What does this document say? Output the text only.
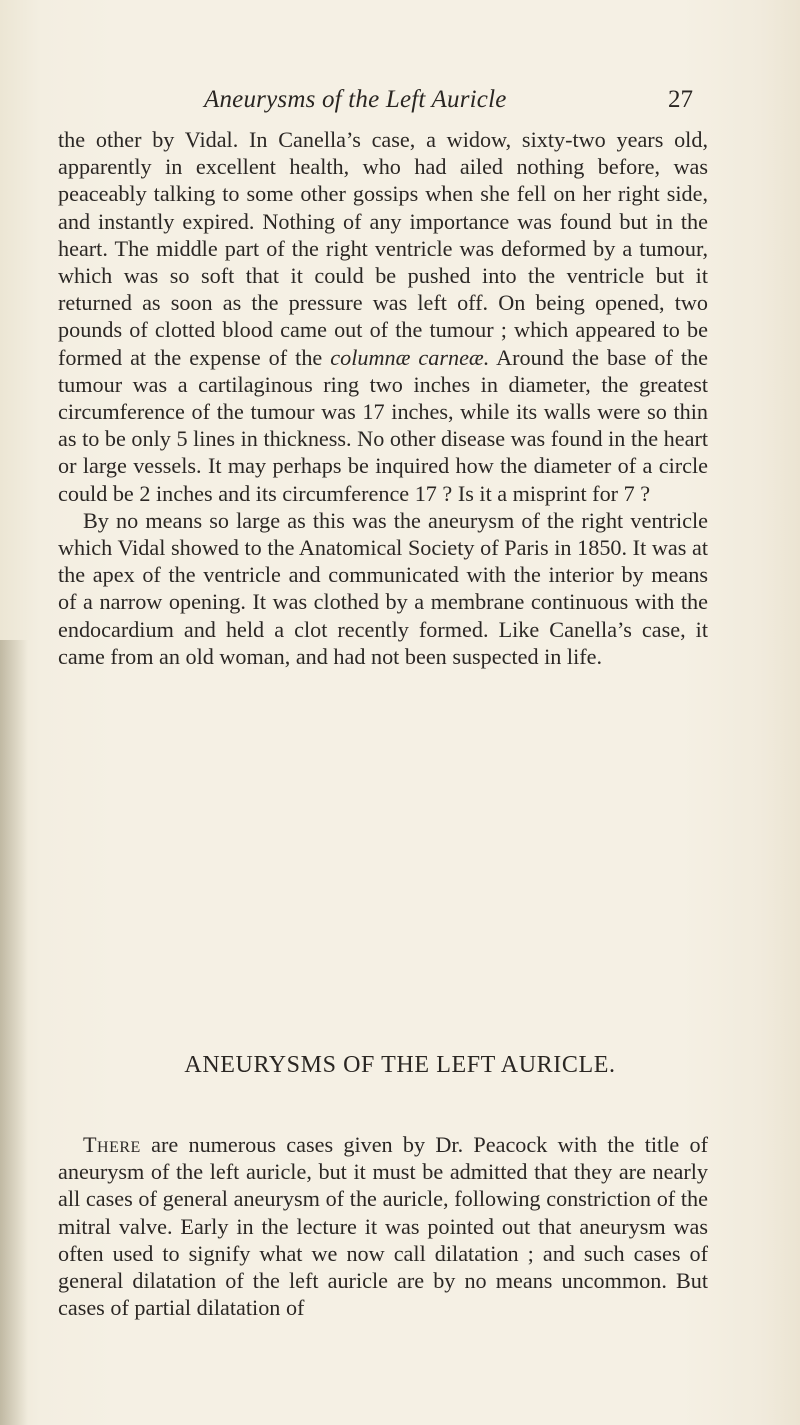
Aneurysms of the Left Auricle	27

the other by Vidal. In Canella’s case, a widow, sixty-two years old, apparently in excellent health, who had ailed nothing before, was peaceably talking to some other gossips when she fell on her right side, and instantly expired. Nothing of any importance was found but in the heart. The middle part of the right ventricle was deformed by a tumour, which was so soft that it could be pushed into the ventricle but it returned as soon as the pressure was left off. On being opened, two pounds of clotted blood came out of the tumour ; which appeared to be formed at the expense of the columnæ carneæ. Around the base of the tumour was a cartilaginous ring two inches in diameter, the greatest circumference of the tumour was 17 inches, while its walls were so thin as to be only 5 lines in thickness. No other disease was found in the heart or large vessels. It may perhaps be inquired how the diameter of a circle could be 2 inches and its circumference 17 ? Is it a misprint for 7 ?

By no means so large as this was the aneurysm of the right ventricle which Vidal showed to the Anatomical Society of Paris in 1850. It was at the apex of the ventricle and communicated with the interior by means of a narrow opening. It was clothed by a membrane continuous with the endocardium and held a clot recently formed. Like Canella’s case, it came from an old woman, and had not been suspected in life.

ANEURYSMS OF THE LEFT AURICLE.

There are numerous cases given by Dr. Peacock with the title of aneurysm of the left auricle, but it must be admitted that they are nearly all cases of general aneurysm of the auricle, following constriction of the mitral valve. Early in the lecture it was pointed out that aneurysm was often used to signify what we now call dilatation ; and such cases of general dilatation of the left auricle are by no means uncommon. But cases of partial dilatation of
